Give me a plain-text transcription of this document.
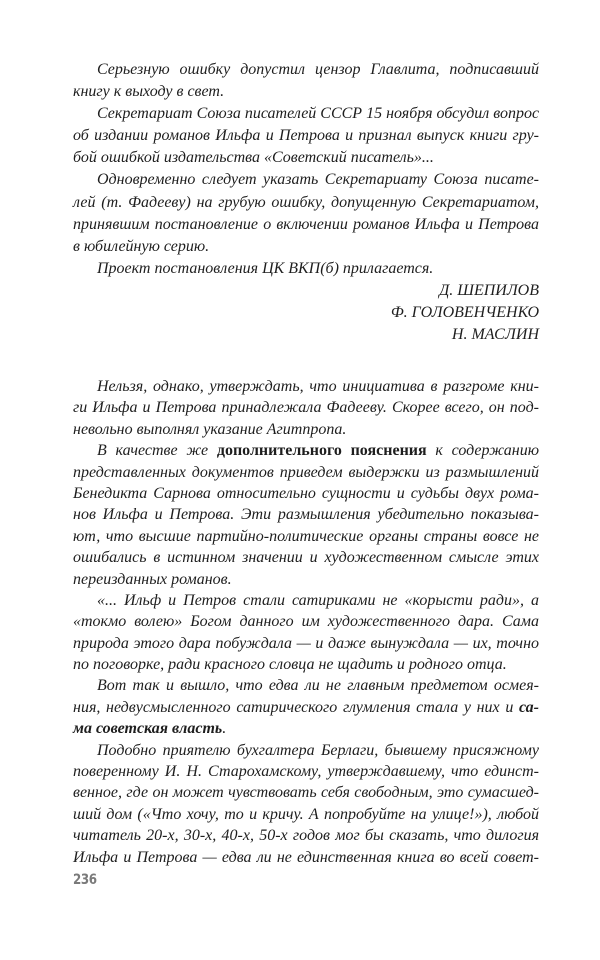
Серьезную ошибку допустил цензор Главлита, подписавший
книгу к выходу в свет.
Секретариат Союза писателей СССР 15 ноября обсудил вопрос
об издании романов Ильфа и Петрова и признал выпуск книги гру-
бой ошибкой издательства «Советский писатель»...
Одновременно следует указать Секретариату Союза писате-
лей (т. Фадееву) на грубую ошибку, допущенную Секретариатом,
принявшим постановление о включении романов Ильфа и Петрова
в юбилейную серию.
Проект постановления ЦК ВКП(б) прилагается.
Д. ШЕПИЛОВ
Ф. ГОЛОВЕНЧЕНКО
Н. МАСЛИН
Нельзя, однако, утверждать, что инициатива в разгроме кни-
ги Ильфа и Петрова принадлежала Фадееву. Скорее всего, он под-
невольно выполнял указание Агитпропа.
В качестве же дополнительного пояснения к содержанию
представленных документов приведем выдержки из размышлений
Бенедикта Сарнова относительно сущности и судьбы двух рома-
нов Ильфа и Петрова. Эти размышления убедительно показыва-
ют, что высшие партийно-политические органы страны вовсе не
ошибались в истинном значении и художественном смысле этих
переизданных романов.
«... Ильф и Петров стали сатириками не «корысти ради», а
«токмо волею» Богом данного им художественного дара. Сама
природа этого дара побуждала — и даже вынуждала — их, точно
по поговорке, ради красного словца не щадить и родного отца.
Вот так и вышло, что едва ли не главным предметом осмея-
ния, недвусмысленного сатирического глумления стала у них и са-
ма советская власть.
Подобно приятелю бухгалтера Берлаги, бывшему присяжному
поверенному И. Н. Старохамскому, утверждавшему, что единст-
венное, где он может чувствовать себя свободным, это сумасшед-
ший дом («Что хочу, то и кричу. А попробуйте на улице!»), любой
читатель 20-х, 30-х, 40-х, 50-х годов мог бы сказать, что дилогия
Ильфа и Петрова — едва ли не единственная книга во всей совет-
236
